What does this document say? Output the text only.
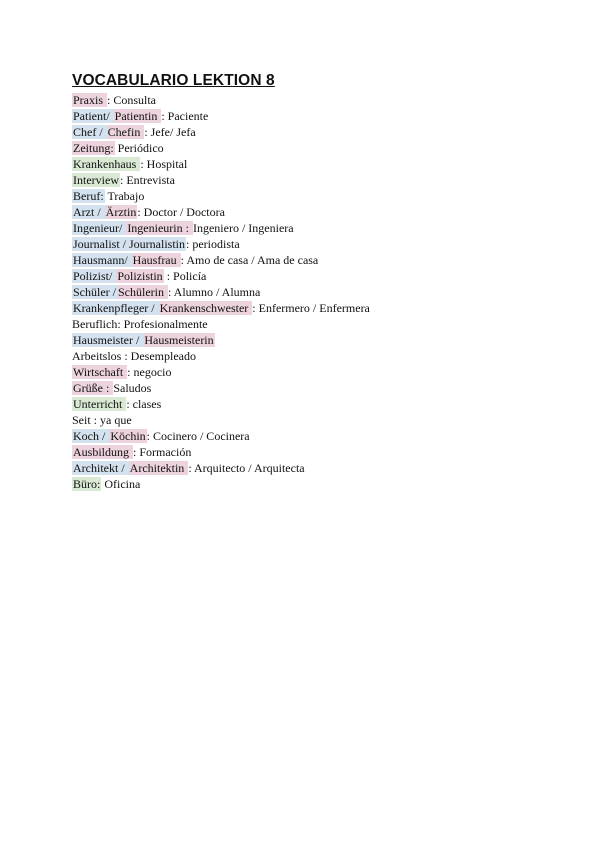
VOCABULARIO LEKTION 8
Praxis : Consulta
Patient/ Patientin : Paciente
Chef / Chefin : Jefe/ Jefa
Zeitung: Periódico
Krankenhaus : Hospital
Interview: Entrevista
Beruf: Trabajo
Arzt / Ärztin: Doctor / Doctora
Ingenieur/ Ingenieurin : Ingeniero / Ingeniera
Journalist / Journalistin: periodista
Hausmann/ Hausfrau : Amo de casa / Ama de casa
Polizist/ Polizistin : Policía
Schüler / Schülerin : Alumno / Alumna
Krankenpfleger / Krankenschwester : Enfermero / Enfermera
Beruflich: Profesionalmente
Hausmeister / Hausmeisterin
Arbeitslos : Desempleado
Wirtschaft : negocio
Grüße : Saludos
Unterricht : clases
Seit : ya que
Koch / Köchin: Cocinero / Cocinera
Ausbildung : Formación
Architekt / Architektin : Arquitecto / Arquitecta
Büro: Oficina
